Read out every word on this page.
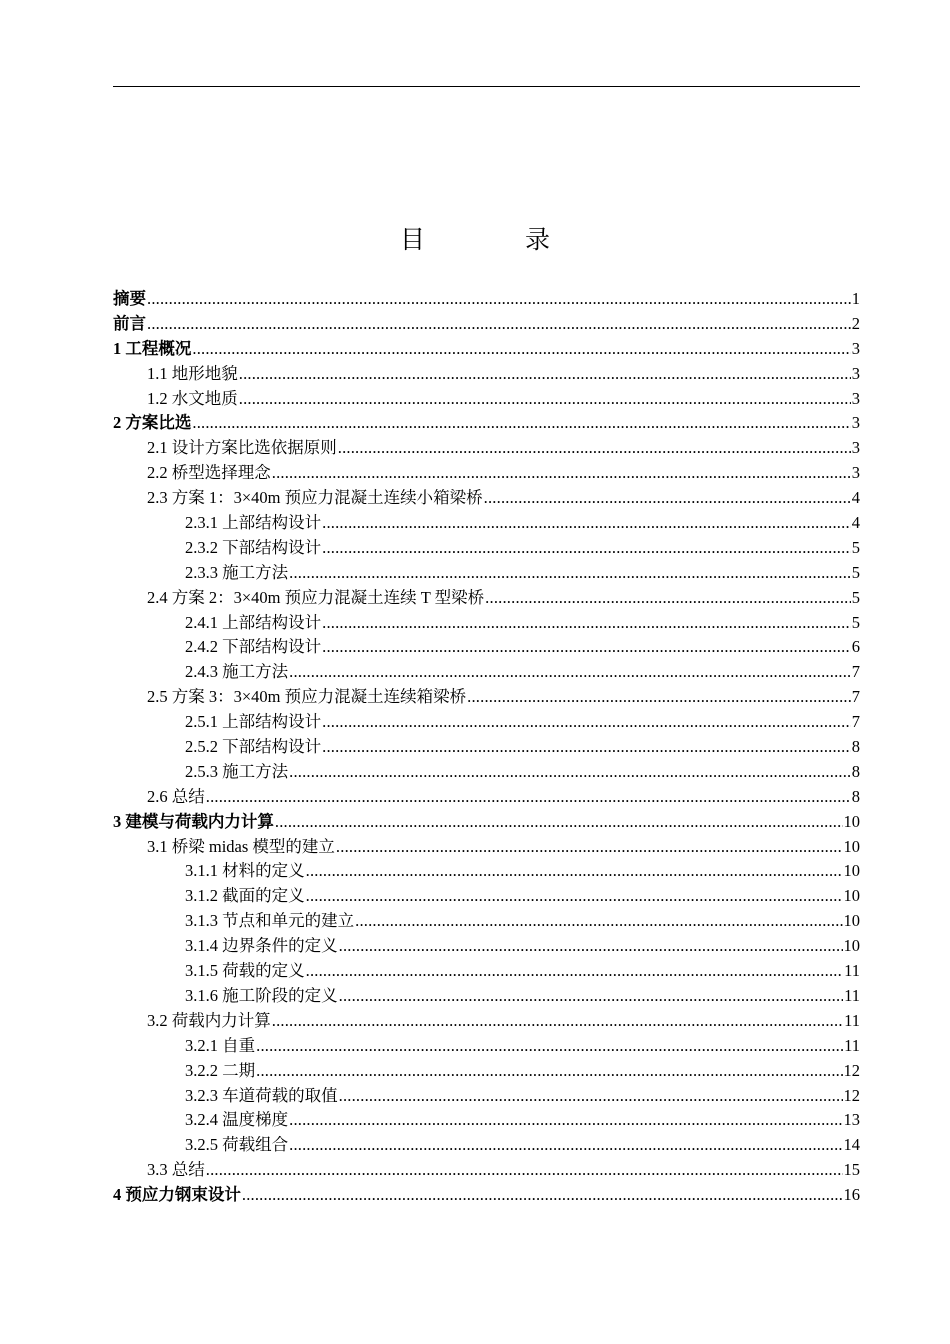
目	录
摘要 .....	1
前言 .....	2
1 工程概况 .....	3
1.1 地形地貌 .....	3
1.2 水文地质 .....	3
2 方案比选 .....	3
2.1 设计方案比选依据原则 .....	3
2.2 桥型选择理念 .....	3
2.3 方案 1：3×40m 预应力混凝土连续小箱梁桥 .....	4
2.3.1 上部结构设计 .....	4
2.3.2 下部结构设计 .....	5
2.3.3 施工方法 .....	5
2.4 方案 2：3×40m 预应力混凝土连续 T 型梁桥 .....	5
2.4.1 上部结构设计 .....	5
2.4.2 下部结构设计 .....	6
2.4.3 施工方法 .....	7
2.5 方案 3：3×40m 预应力混凝土连续箱梁桥 .....	7
2.5.1 上部结构设计 .....	7
2.5.2 下部结构设计 .....	8
2.5.3 施工方法 .....	8
2.6 总结 .....	8
3 建模与荷载内力计算 .....	10
3.1 桥梁 midas 模型的建立 .....	10
3.1.1 材料的定义 .....	10
3.1.2 截面的定义 .....	10
3.1.3 节点和单元的建立 .....	10
3.1.4 边界条件的定义 .....	10
3.1.5 荷载的定义 .....	11
3.1.6 施工阶段的定义 .....	11
3.2 荷载内力计算 .....	11
3.2.1 自重 .....	11
3.2.2 二期 .....	12
3.2.3 车道荷载的取值 .....	12
3.2.4 温度梯度 .....	13
3.2.5 荷载组合 .....	14
3.3 总结 .....	15
4 预应力钢束设计 .....	16
